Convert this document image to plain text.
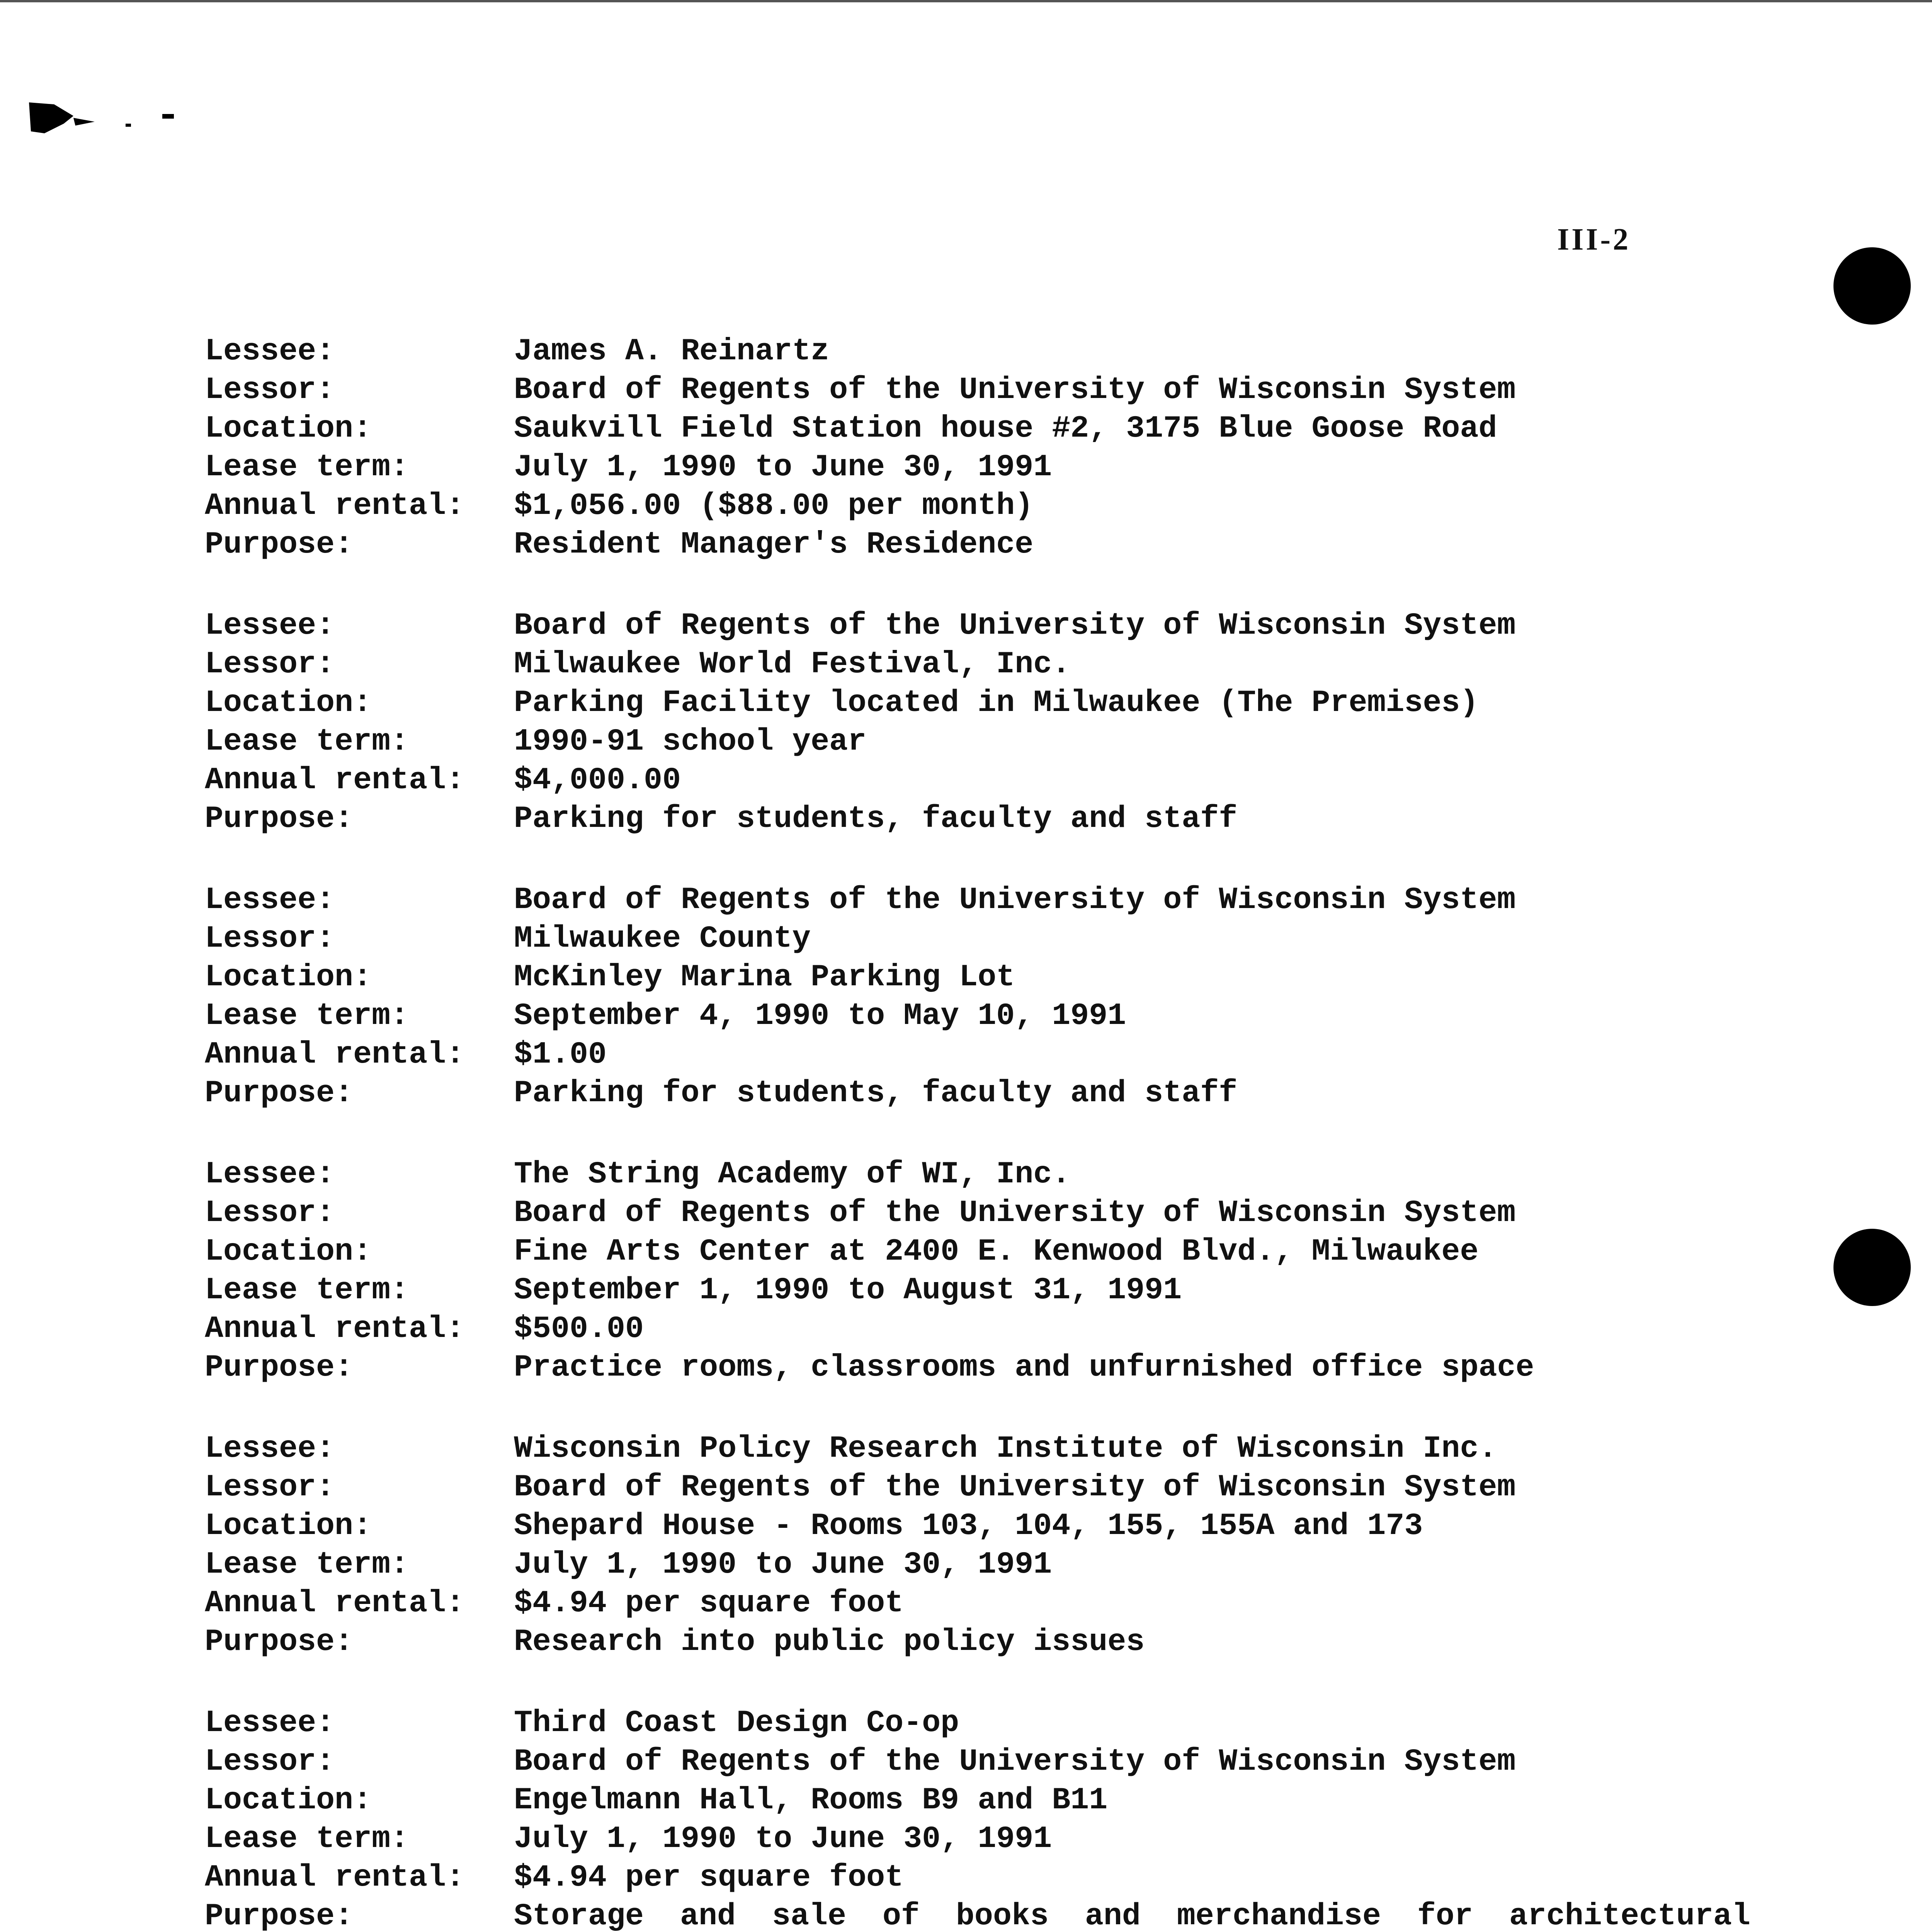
III-2
Lessee:	James A. Reinartz
Lessor:	Board of Regents of the University of Wisconsin System
Location:	Saukvill Field Station house #2, 3175 Blue Goose Road
Lease term:	July 1, 1990 to June 30, 1991
Annual rental:	$1,056.00 ($88.00 per month)
Purpose:	Resident Manager's Residence
Lessee:	Board of Regents of the University of Wisconsin System
Lessor:	Milwaukee World Festival, Inc.
Location:	Parking Facility located in Milwaukee (The Premises)
Lease term:	1990-91 school year
Annual rental:	$4,000.00
Purpose:	Parking for students, faculty and staff
Lessee:	Board of Regents of the University of Wisconsin System
Lessor:	Milwaukee County
Location:	McKinley Marina Parking Lot
Lease term:	September 4, 1990 to May 10, 1991
Annual rental:	$1.00
Purpose:	Parking for students, faculty and staff
Lessee:	The String Academy of WI, Inc.
Lessor:	Board of Regents of the University of Wisconsin System
Location:	Fine Arts Center at 2400 E. Kenwood Blvd., Milwaukee
Lease term:	September 1, 1990 to August 31, 1991
Annual rental:	$500.00
Purpose:	Practice rooms, classrooms and unfurnished office space
Lessee:	Wisconsin Policy Research Institute of Wisconsin Inc.
Lessor:	Board of Regents of the University of Wisconsin System
Location:	Shepard House - Rooms 103, 104, 155, 155A and 173
Lease term:	July 1, 1990 to June 30, 1991
Annual rental:	$4.94 per square foot
Purpose:	Research into public policy issues
Lessee:	Third Coast Design Co-op
Lessor:	Board of Regents of the University of Wisconsin System
Location:	Engelmann Hall, Rooms B9 and B11
Lease term:	July 1, 1990 to June 30, 1991
Annual rental:	$4.94 per square foot
Purpose:	Storage and sale of books and merchandise for architectural
